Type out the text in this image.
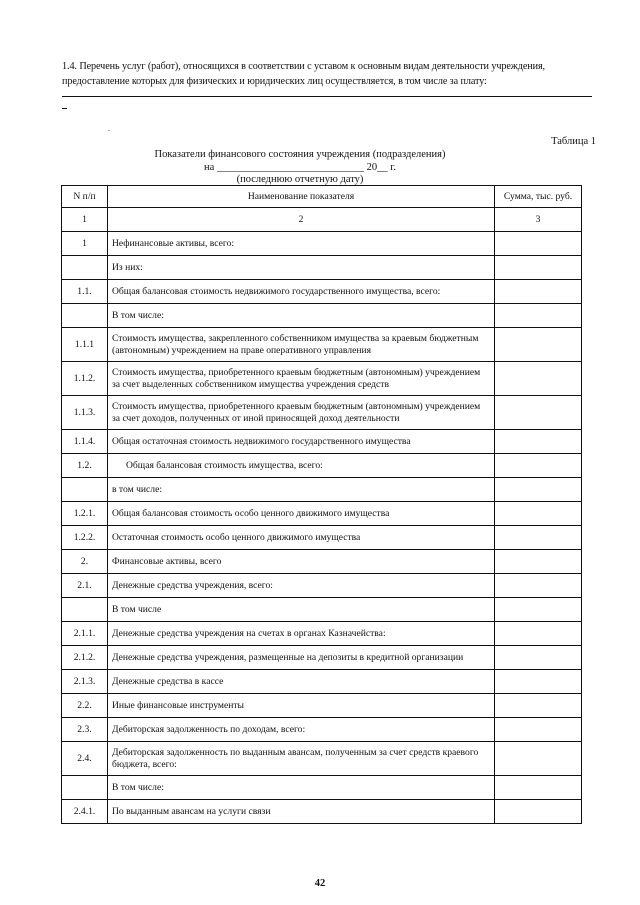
1.4. Перечень услуг (работ), относящихся в соответствии с уставом к основным видам деятельности учреждения, предоставление которых для физических и юридических лиц осуществляется, в том числе за плату:
.
Таблица 1
Показатели финансового состояния учреждения (подразделения)
на ____________________________ 20__ г.
(последнюю отчетную дату)
N п/п	Наименование показателя	Сумма, тыс. руб.
1	2	3
1	Нефинансовые активы, всего:	
	Из них:	
1.1.	Общая балансовая стоимость недвижимого государственного имущества, всего:	
	В том числе:	
1.1.1	Стоимость имущества, закрепленного собственником имущества за краевым бюджетным (автономным) учреждением на праве оперативного управления	
1.1.2.	Стоимость имущества, приобретенного краевым бюджетным (автономным) учреждением за счет выделенных собственником имущества учреждения средств	
1.1.3.	Стоимость имущества, приобретенного краевым бюджетным (автономным) учреждением за счет доходов, полученных от иной приносящей доход деятельности	
1.1.4.	Общая остаточная стоимость недвижимого государственного имущества	
1.2.	Общая балансовая стоимость имущества, всего:	
	в том числе:	
1.2.1.	Общая балансовая стоимость особо ценного движимого имущества	
1.2.2.	Остаточная стоимость особо ценного движимого имущества	
2.	Финансовые активы, всего	
2.1.	Денежные средства учреждения, всего:	
	В том числе	
2.1.1.	Денежные средства учреждения на счетах в органах Казначейства:	
2.1.2.	Денежные средства учреждения, размещенные на депозиты в кредитной организации	
2.1.3.	Денежные средства в кассе	
2.2.	Иные финансовые инструменты	
2.3.	Дебиторская задолженность по доходам, всего:	
2.4.	Дебиторская задолженность по выданным авансам, полученным за счет средств краевого бюджета, всего:	
	В том числе:	
2.4.1.	По выданным авансам на услуги связи	
42
